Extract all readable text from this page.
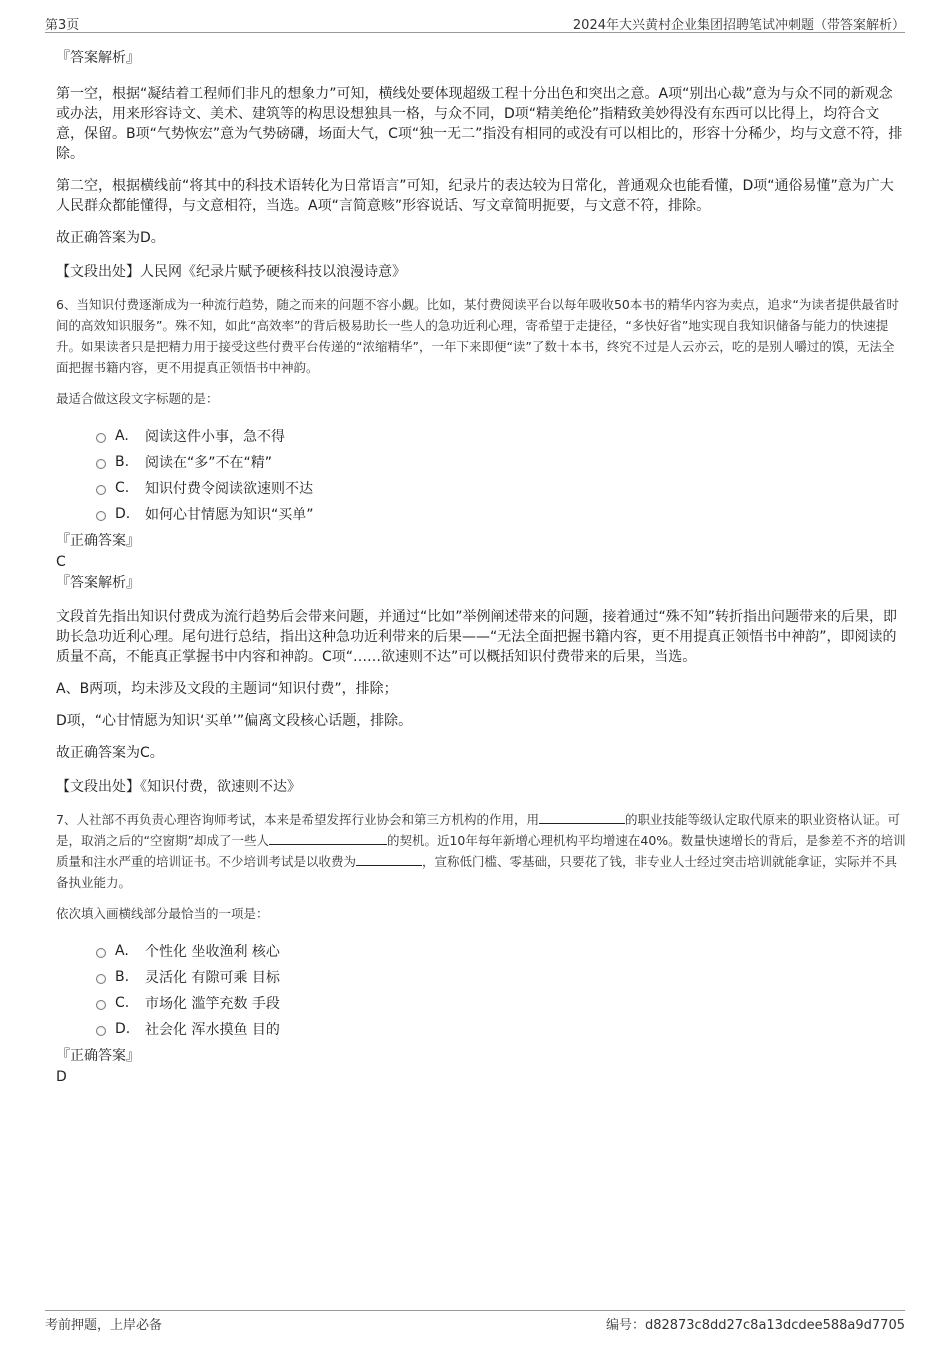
第3页	2024年大兴黄村企业集团招聘笔试冲刺题（带答案解析）
『答案解析』

第一空，根据“凝结着工程师们非凡的想象力”可知，横线处要体现超级工程十分出色和突出之意。A项“别出心裁”意为与众不同的新观念或办法，用来形容诗文、美术、建筑等的构思设想独具一格，与众不同，D项“精美绝伦”指精致美妙得没有东西可以比得上，均符合文意，保留。B项“气势恢宏”意为气势磅礴，场面大气，C项“独一无二”指没有相同的或没有可以相比的，形容十分稀少，均与文意不符，排除。

第二空，根据横线前“将其中的科技术语转化为日常语言”可知，纪录片的表达较为日常化，普通观众也能看懂，D项“通俗易懂”意为广大人民群众都能懂得，与文意相符，当选。A项“言简意赅”形容说话、写文章简明扼要，与文意不符，排除。

故正确答案为D。

【文段出处】人民网《纪录片赋予硬核科技以浪漫诗意》

6、当知识付费逐渐成为一种流行趋势，随之而来的问题不容小觑。比如，某付费阅读平台以每年吸收50本书的精华内容为卖点，追求“为读者提供最省时间的高效知识服务”。殊不知，如此“高效率”的背后极易助长一些人的急功近利心理，寄希望于走捷径，“多快好省”地实现自我知识储备与能力的快速提升。如果读者只是把精力用于接受这些付费平台传递的“浓缩精华”，一年下来即便“读”了数十本书，终究不过是人云亦云，吃的是别人嚼过的馍，无法全面把握书籍内容，更不用提真正领悟书中神韵。

最适合做这段文字标题的是：

A.	阅读这件小事，急不得
B.	阅读在“多”不在“精”
C.	知识付费令阅读欲速则不达
D.	如何心甘情愿为知识“买单”
『正确答案』
C
『答案解析』

文段首先指出知识付费成为流行趋势后会带来问题，并通过“比如”举例阐述带来的问题，接着通过“殊不知”转折指出问题带来的后果，即助长急功近利心理。尾句进行总结，指出这种急功近利带来的后果——“无法全面把握书籍内容，更不用提真正领悟书中神韵”，即阅读的质量不高，不能真正掌握书中内容和神韵。C项“……欲速则不达”可以概括知识付费带来的后果，当选。

A、B两项，均未涉及文段的主题词“知识付费”，排除；

D项，“心甘情愿为知识‘买单’”偏离文段核心话题，排除。

故正确答案为C。

【文段出处】《知识付费，欲速则不达》

7、人社部不再负责心理咨询师考试，本来是希望发挥行业协会和第三方机构的作用，用	的职业技能等级认定取代原来的职业资格认证。可是，取消之后的“空窗期”却成了一些人	的契机。近10年每年新增心理机构平均增速在40%。数量快速增长的背后，是参差不齐的培训质量和注水严重的培训证书。不少培训考试是以收费为	，宣称低门槛、零基础，只要花了钱，非专业人士经过突击培训就能拿证，实际并不具备执业能力。

依次填入画横线部分最恰当的一项是：

A.	个性化 坐收渔利 核心
B.	灵活化 有隙可乘 目标
C.	市场化 滥竽充数 手段
D.	社会化 浑水摸鱼 目的
『正确答案』
D
考前押题，上岸必备	编号：d82873c8dd27c8a13dcdee588a9d7705
